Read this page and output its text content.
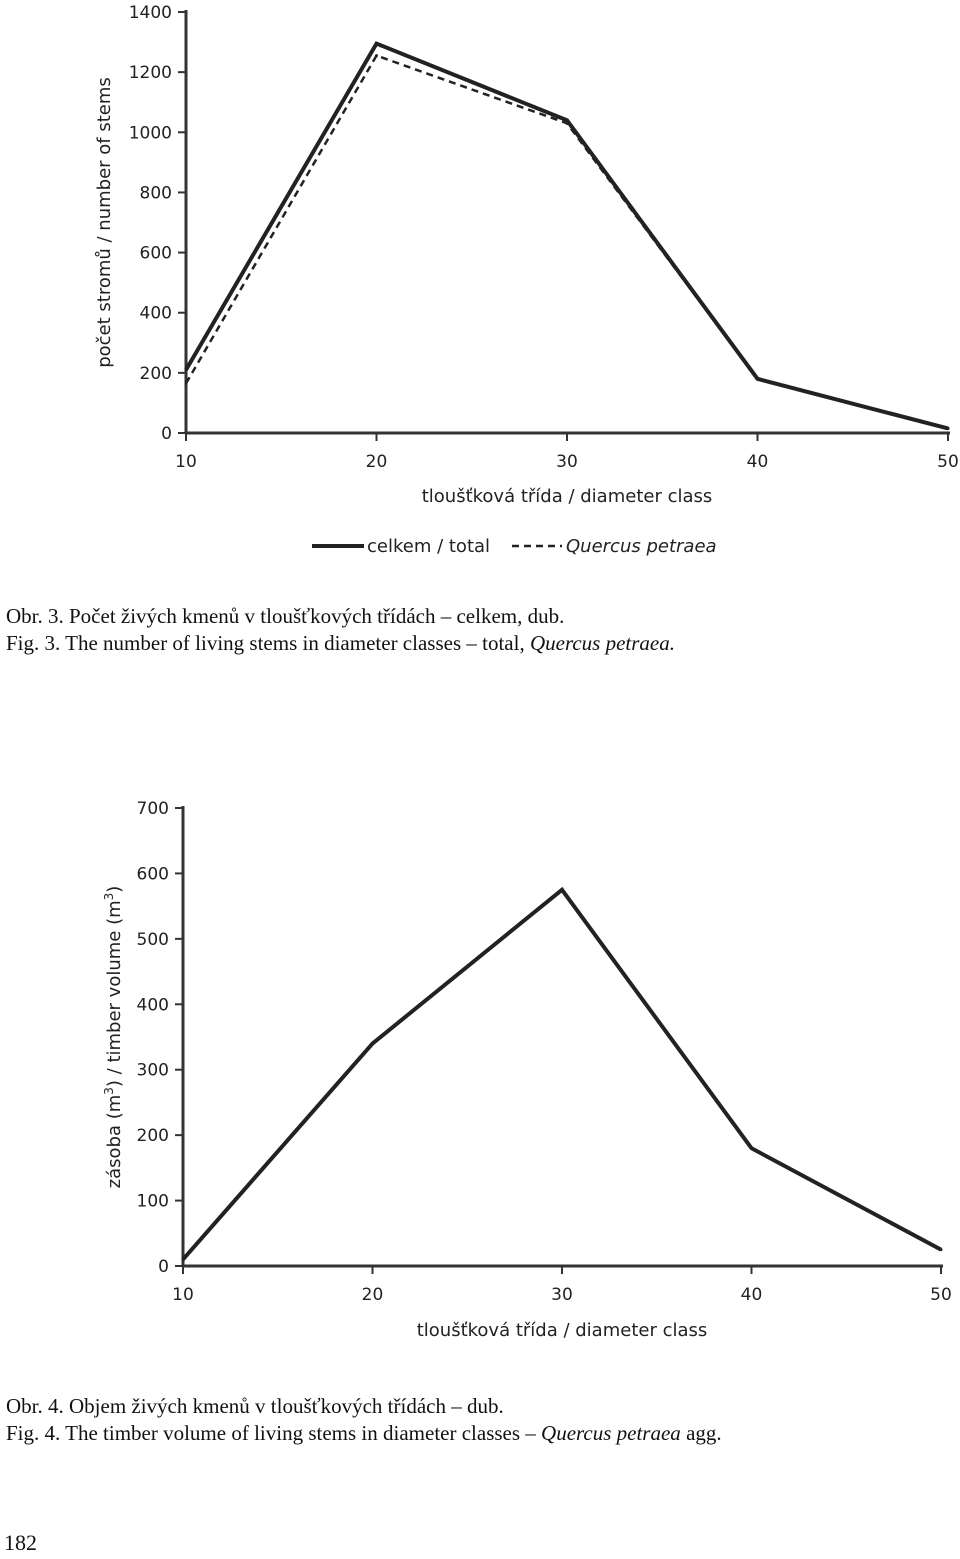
0
200
400
600
800
1000
1200
1400
10	20	30	40	50
tloušťková třída / diameter class
počet stromů / number of stems
celkem / total	Quercus petraea
Obr. 3. Počet živých kmenů v tloušťkových třídách – celkem, dub.
Fig. 3. The number of living stems in diameter classes – total, Quercus petraea.
0
100
200
300
400
500
600
700
10	20	30	40	50
tloušťková třída / diameter class
zásoba $(m^3)$ / timber volume $(m^3)$
Obr. 4. Objem živých kmenů v tloušťkových třídách – dub.
Fig. 4. The timber volume of living stems in diameter classes – Quercus petraea agg.
182
